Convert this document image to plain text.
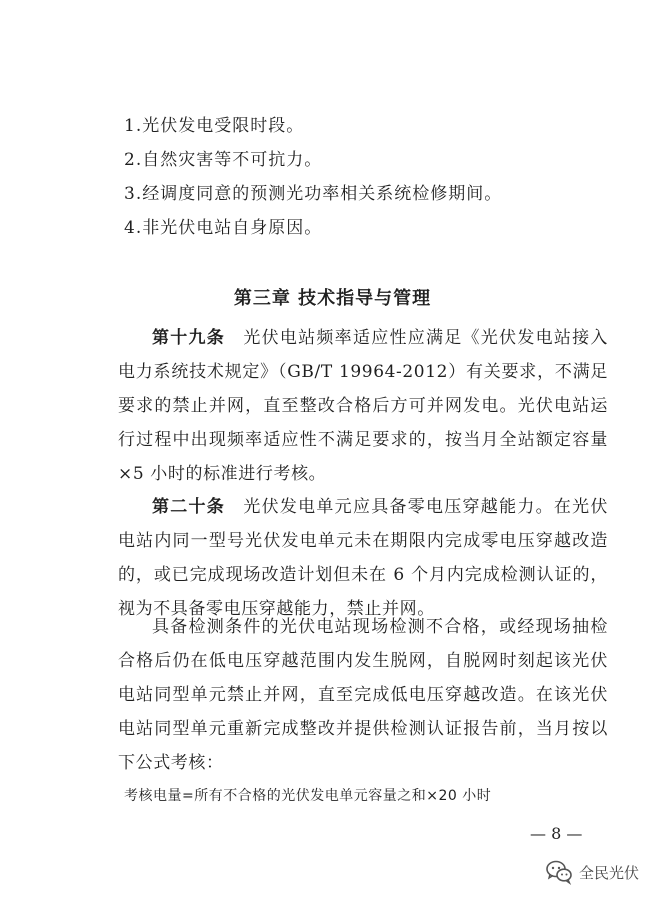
1.光伏发电受限时段。
2.自然灾害等不可抗力。
3.经调度同意的预测光功率相关系统检修期间。
4.非光伏电站自身原因。
第三章 技术指导与管理
第十九条  光伏电站频率适应性应满足《光伏发电站接入电力系统技术规定》（GB/T 19964-2012）有关要求，不满足要求的禁止并网，直至整改合格后方可并网发电。光伏电站运行过程中出现频率适应性不满足要求的，按当月全站额定容量×5 小时的标准进行考核。
第二十条  光伏发电单元应具备零电压穿越能力。在光伏电站内同一型号光伏发电单元未在期限内完成零电压穿越改造的，或已完成现场改造计划但未在 6 个月内完成检测认证的，视为不具备零电压穿越能力，禁止并网。
具备检测条件的光伏电站现场检测不合格，或经现场抽检合格后仍在低电压穿越范围内发生脱网，自脱网时刻起该光伏电站同型单元禁止并网，直至完成低电压穿越改造。在该光伏电站同型单元重新完成整改并提供检测认证报告前，当月按以下公式考核：
考核电量=所有不合格的光伏发电单元容量之和×20 小时
— 8 —
全民光伏
